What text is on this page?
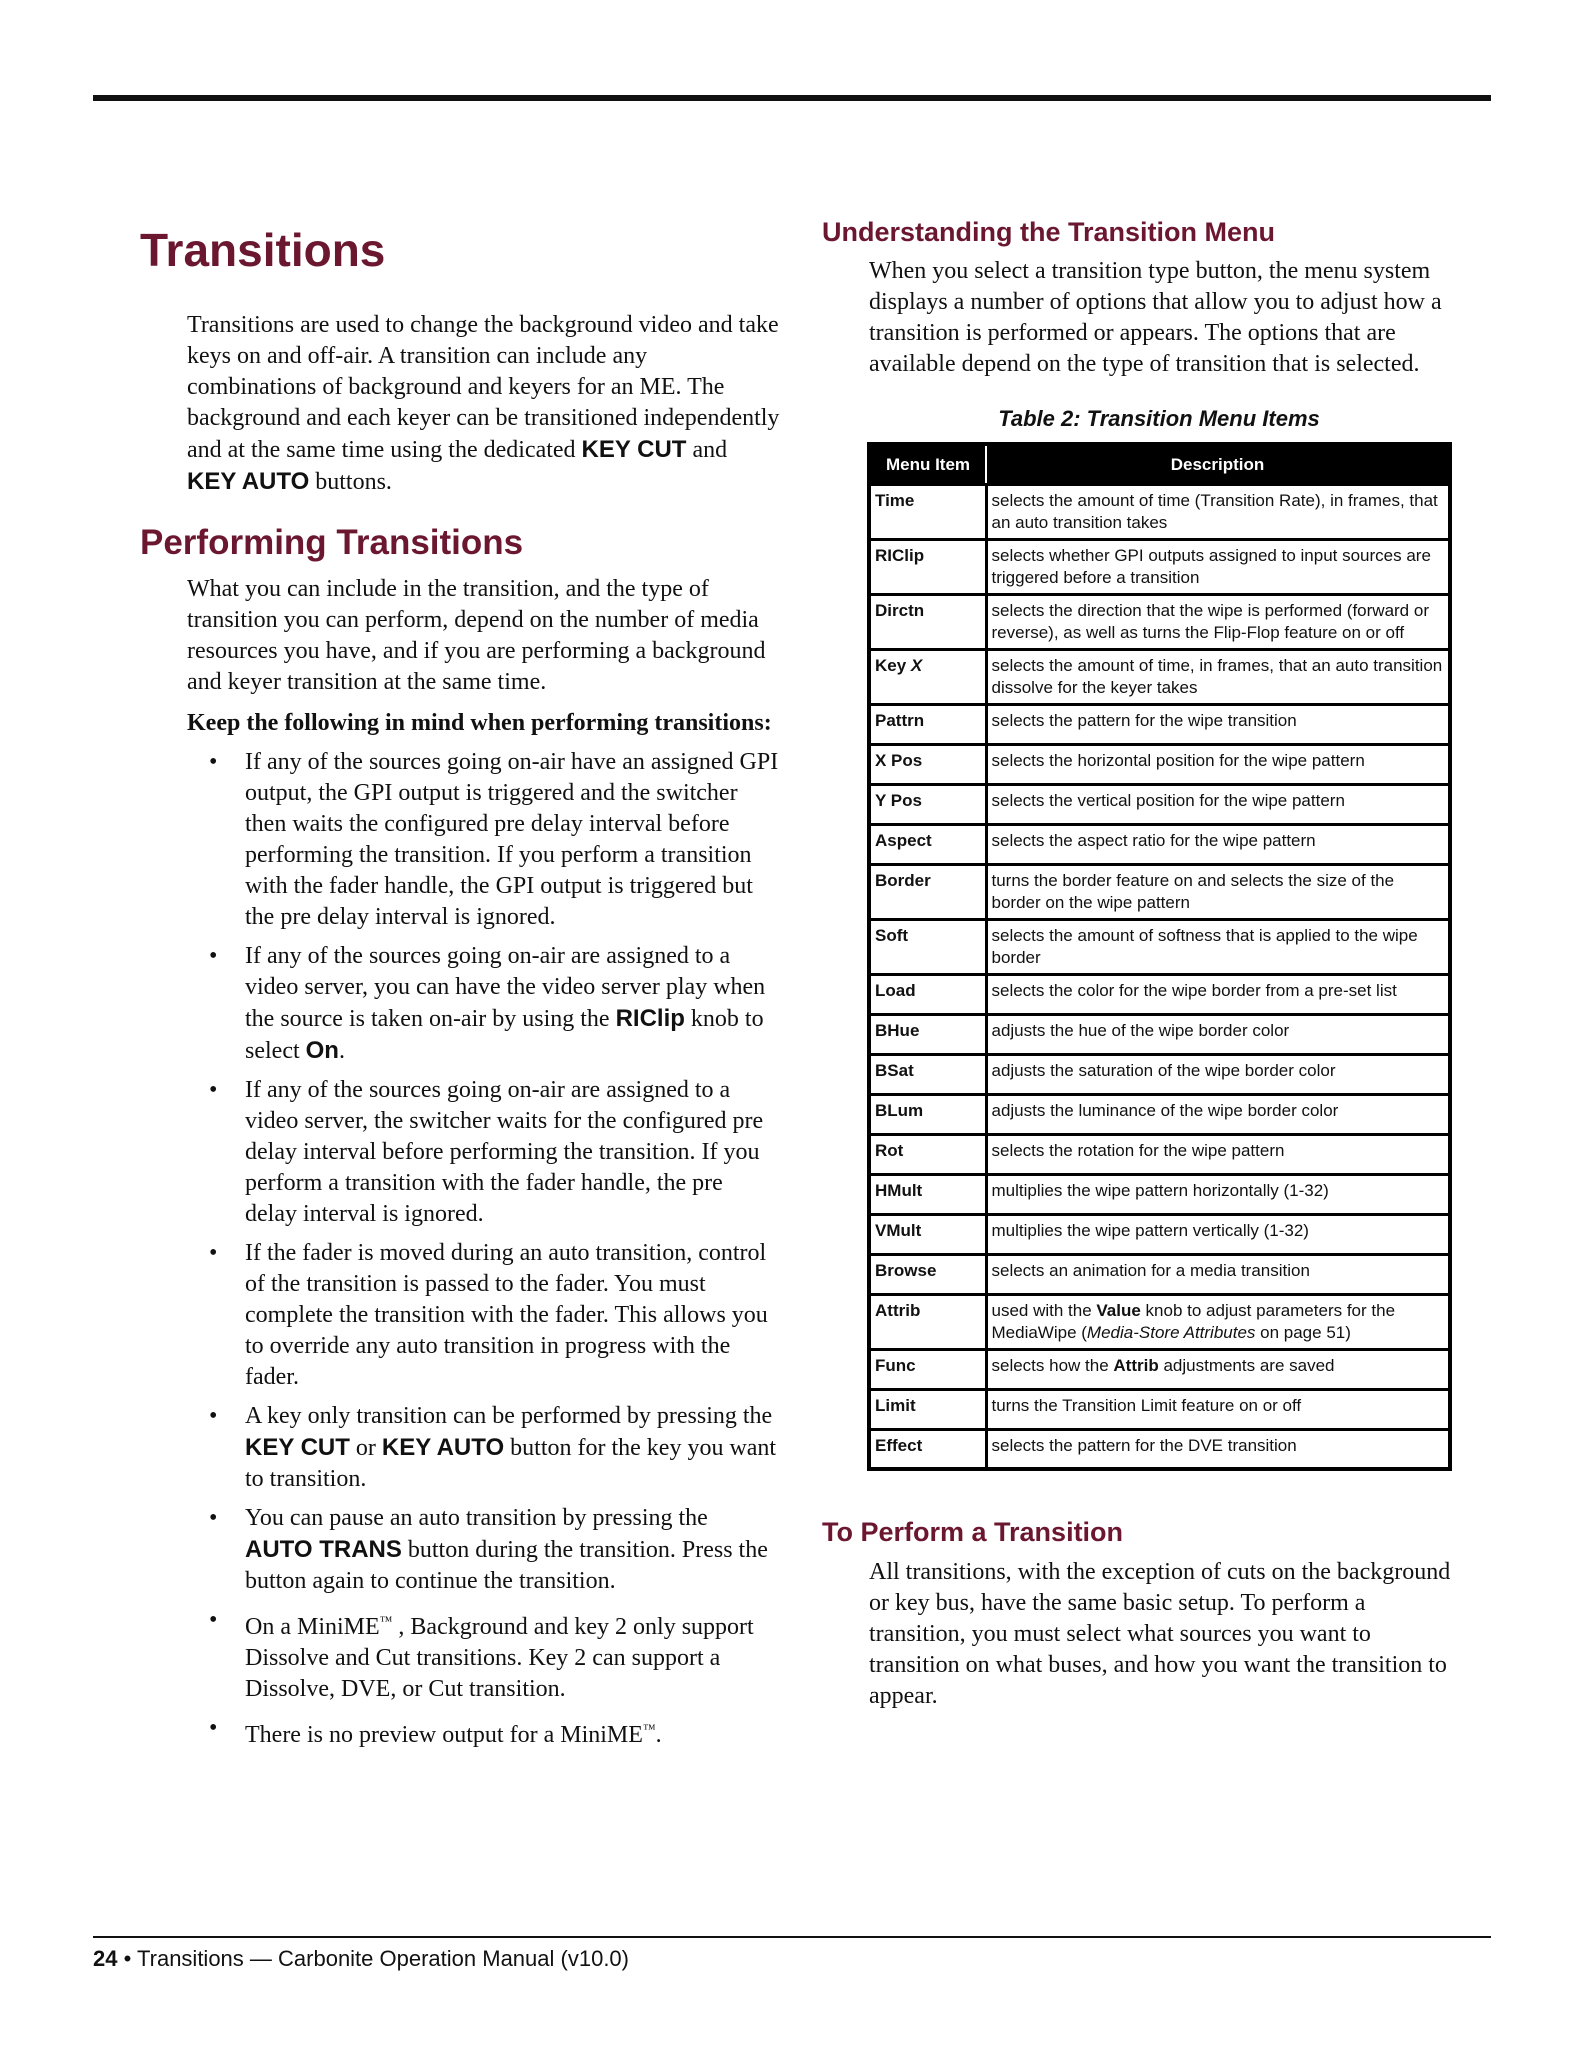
Transitions

Transitions are used to change the background video and take keys on and off-air. A transition can include any combinations of background and keyers for an ME. The background and each keyer can be transitioned independently and at the same time using the dedicated KEY CUT and KEY AUTO buttons.

Performing Transitions

What you can include in the transition, and the type of transition you can perform, depend on the number of media resources you have, and if you are performing a background and keyer transition at the same time.

Keep the following in mind when performing transitions:

• If any of the sources going on-air have an assigned GPI output, the GPI output is triggered and the switcher then waits the configured pre delay interval before performing the transition. If you perform a transition with the fader handle, the GPI output is triggered but the pre delay interval is ignored.
• If any of the sources going on-air are assigned to a video server, you can have the video server play when the source is taken on-air by using the RIClip knob to select On.
• If any of the sources going on-air are assigned to a video server, the switcher waits for the configured pre delay interval before performing the transition. If you perform a transition with the fader handle, the pre delay interval is ignored.
• If the fader is moved during an auto transition, control of the transition is passed to the fader. You must complete the transition with the fader. This allows you to override any auto transition in progress with the fader.
• A key only transition can be performed by pressing the KEY CUT or KEY AUTO button for the key you want to transition.
• You can pause an auto transition by pressing the AUTO TRANS button during the transition. Press the button again to continue the transition.
• On a MiniME™ , Background and key 2 only support Dissolve and Cut transitions. Key 2 can support a Dissolve, DVE, or Cut transition.
• There is no preview output for a MiniME™.
Understanding the Transition Menu

When you select a transition type button, the menu system displays a number of options that allow you to adjust how a transition is performed or appears. The options that are available depend on the type of transition that is selected.

Table 2: Transition Menu Items
Menu Item	Description
Time	selects the amount of time (Transition Rate), in frames, that an auto transition takes
RIClip	selects whether GPI outputs assigned to input sources are triggered before a transition
Dirctn	selects the direction that the wipe is performed (forward or reverse), as well as turns the Flip-Flop feature on or off
Key X	selects the amount of time, in frames, that an auto transition dissolve for the keyer takes
Pattrn	selects the pattern for the wipe transition
X Pos	selects the horizontal position for the wipe pattern
Y Pos	selects the vertical position for the wipe pattern
Aspect	selects the aspect ratio for the wipe pattern
Border	turns the border feature on and selects the size of the border on the wipe pattern
Soft	selects the amount of softness that is applied to the wipe border
Load	selects the color for the wipe border from a pre-set list
BHue	adjusts the hue of the wipe border color
BSat	adjusts the saturation of the wipe border color
BLum	adjusts the luminance of the wipe border color
Rot	selects the rotation for the wipe pattern
HMult	multiplies the wipe pattern horizontally (1-32)
VMult	multiplies the wipe pattern vertically (1-32)
Browse	selects an animation for a media transition
Attrib	used with the Value knob to adjust parameters for the MediaWipe (Media-Store Attributes on page 51)
Func	selects how the Attrib adjustments are saved
Limit	turns the Transition Limit feature on or off
Effect	selects the pattern for the DVE transition
To Perform a Transition

All transitions, with the exception of cuts on the background or key bus, have the same basic setup. To perform a transition, you must select what sources you want to transition on what buses, and how you want the transition to appear.

24 • Transitions — Carbonite Operation Manual (v10.0)
